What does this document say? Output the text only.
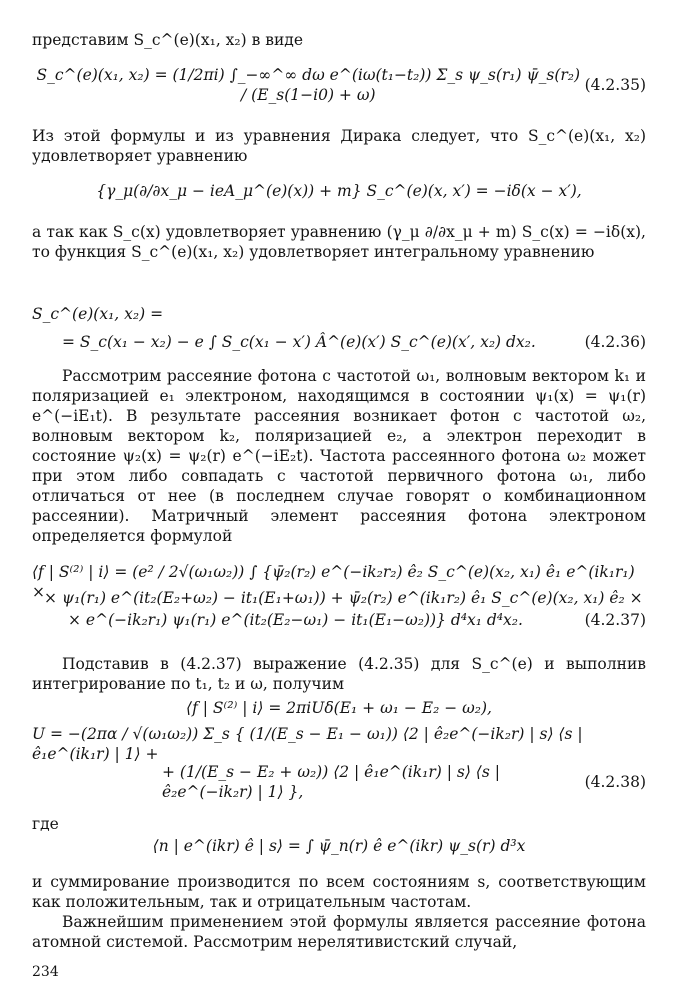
представим S_c^(e)(x₁, x₂) в виде

S_c^(e)(x₁, x₂) = (1/2πi) ∫_−∞^∞ dω e^(iω(t₁−t₂)) Σ_s ψ_s(r₁) ψ̄_s(r₂) / (E_s(1−i0) + ω)
(4.2.35)

Из этой формулы и из уравнения Дирака следует, что S_c^(e)(x₁, x₂) удовлетворяет уравнению

{γ_μ(∂/∂x_μ − ieA_μ^(e)(x)) + m} S_c^(e)(x, x′) = −iδ(x − x′),

а так как S_c(x) удовлетворяет уравнению (γ_μ ∂/∂x_μ + m) S_c(x) = −iδ(x), то функция S_c^(e)(x₁, x₂) удовлетворяет интегральному уравнению

S_c^(e)(x₁, x₂) =
= S_c(x₁ − x₂) − e ∫ S_c(x₁ − x′) Â^(e)(x′) S_c^(e)(x′, x₂) dx₂.	(4.2.36)

Рассмотрим рассеяние фотона с частотой ω₁, волновым вектором k₁ и поляризацией e₁ электроном, находящимся в состоянии ψ₁(x) = ψ₁(r) e^(−iE₁t). В результате рассеяния возникает фотон с частотой ω₂, волновым вектором k₂, поляризацией e₂, а электрон переходит в состояние ψ₂(x) = ψ₂(r) e^(−iE₂t). Частота рассеянного фотона ω₂ может при этом либо совпадать с частотой первичного фотона ω₁, либо отличаться от нее (в последнем случае говорят о комбинационном рассеянии). Матричный элемент рассеяния фотона электроном определяется формулой

⟨f | S⁽²⁾ | i⟩ = (e² / 2√(ω₁ω₂)) ∫ {ψ̄₂(r₂) e^(−ik₂r₂) ê₂ S_c^(e)(x₂, x₁) ê₁ e^(ik₁r₁) × × ψ₁(r₁) e^(it₂(E₂+ω₂) − it₁(E₁+ω₁)) + ψ̄₂(r₂) e^(ik₁r₂) ê₁ S_c^(e)(x₂, x₁) ê₂ ×
× e^(−ik₂r₁) ψ₁(r₁) e^(it₂(E₂−ω₁) − it₁(E₁−ω₂))} d⁴x₁ d⁴x₂.	(4.2.37)

Подставив в (4.2.37) выражение (4.2.35) для S_c^(e) и выполнив интегрирование по t₁, t₂ и ω, получим

⟨f | S⁽²⁾ | i⟩ = 2πiUδ(E₁ + ω₁ − E₂ − ω₂),
U = −(2πα / √(ω₁ω₂)) Σ_s { (1/(E_s − E₁ − ω₁)) ⟨2 | ê₂e^(−ik₂r) | s⟩ ⟨s | ê₁e^(ik₁r) | 1⟩ +
+ (1/(E_s − E₂ + ω₂)) ⟨2 | ê₁e^(ik₁r) | s⟩ ⟨s | ê₂e^(−ik₂r) | 1⟩ },
(4.2.38)

где

⟨n | e^(ikr) ê | s⟩ = ∫ ψ̄_n(r) ê e^(ikr) ψ_s(r) d³x

и суммирование производится по всем состояниям s, соответствующим как положительным, так и отрицательным частотам.

Важнейшим применением этой формулы является рассеяние фотона атомной системой. Рассмотрим нерелятивистский случай,

234
